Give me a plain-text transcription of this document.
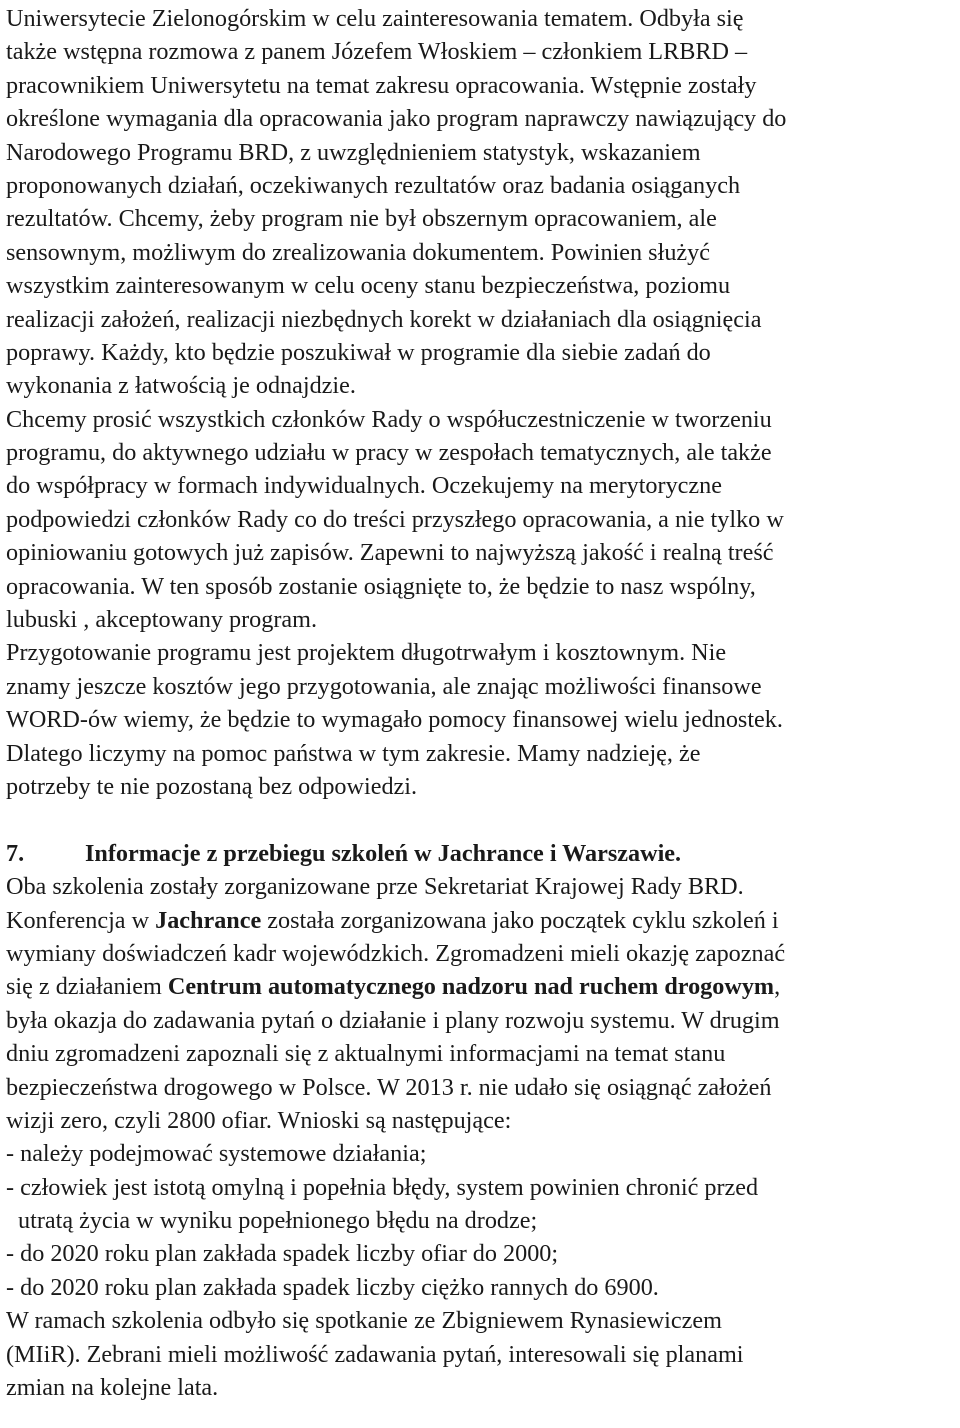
Uniwersytecie Zielonogórskim w celu zainteresowania tematem. Odbyła się
także wstępna rozmowa z panem Józefem Włoskiem – członkiem LRBRD –
pracownikiem Uniwersytetu na temat zakresu opracowania. Wstępnie zostały
określone wymagania dla opracowania jako program naprawczy nawiązujący do
Narodowego Programu BRD, z uwzględnieniem statystyk, wskazaniem
proponowanych działań, oczekiwanych rezultatów oraz badania osiąganych
rezultatów. Chcemy, żeby program nie był obszernym opracowaniem, ale
sensownym, możliwym do zrealizowania dokumentem. Powinien służyć
wszystkim zainteresowanym w celu oceny stanu bezpieczeństwa, poziomu
realizacji założeń, realizacji niezbędnych korekt w działaniach dla osiągnięcia
poprawy. Każdy, kto będzie poszukiwał w programie dla siebie zadań do
wykonania z łatwością je odnajdzie.
Chcemy prosić wszystkich członków Rady o współuczestniczenie w tworzeniu
programu, do aktywnego udziału w pracy w zespołach tematycznych, ale także
do współpracy w formach indywidualnych. Oczekujemy na merytoryczne
podpowiedzi członków Rady co do treści przyszłego opracowania, a nie tylko w
opiniowaniu gotowych już zapisów. Zapewni to najwyższą jakość i realną treść
opracowania. W ten sposób zostanie osiągnięte to, że będzie to nasz wspólny,
lubuski , akceptowany program.
Przygotowanie programu jest projektem długotrwałym i kosztownym. Nie
znamy jeszcze kosztów jego przygotowania, ale znając możliwości finansowe
WORD-ów wiemy, że będzie to wymagało pomocy finansowej wielu jednostek.
Dlatego liczymy na pomoc państwa w tym zakresie. Mamy nadzieję, że
potrzeby te nie pozostaną bez odpowiedzi.
7.	Informacje z przebiegu szkoleń w Jachrance i Warszawie.
Oba szkolenia zostały zorganizowane prze Sekretariat Krajowej Rady BRD.
Konferencja w Jachrance została zorganizowana jako początek cyklu szkoleń i
wymiany doświadczeń kadr wojewódzkich. Zgromadzeni mieli okazję zapoznać
się z działaniem Centrum automatycznego nadzoru nad ruchem drogowym,
była okazja do zadawania pytań o działanie i plany rozwoju systemu. W drugim
dniu zgromadzeni zapoznali się z aktualnymi informacjami na temat stanu
bezpieczeństwa drogowego w Polsce. W 2013 r. nie udało się osiągnąć założeń
wizji zero, czyli 2800 ofiar. Wnioski są następujące:
- należy podejmować systemowe działania;
- człowiek jest istotą omylną i popełnia błędy, system powinien chronić przed
utratą życia w wyniku popełnionego błędu na drodze;
- do 2020 roku plan zakłada spadek liczby ofiar do 2000;
- do 2020 roku plan zakłada spadek liczby ciężko rannych do 6900.
W ramach szkolenia odbyło się spotkanie ze Zbigniewem Rynasiewiczem
(MIiR). Zebrani mieli możliwość zadawania pytań, interesowali się planami
zmian na kolejne lata.
